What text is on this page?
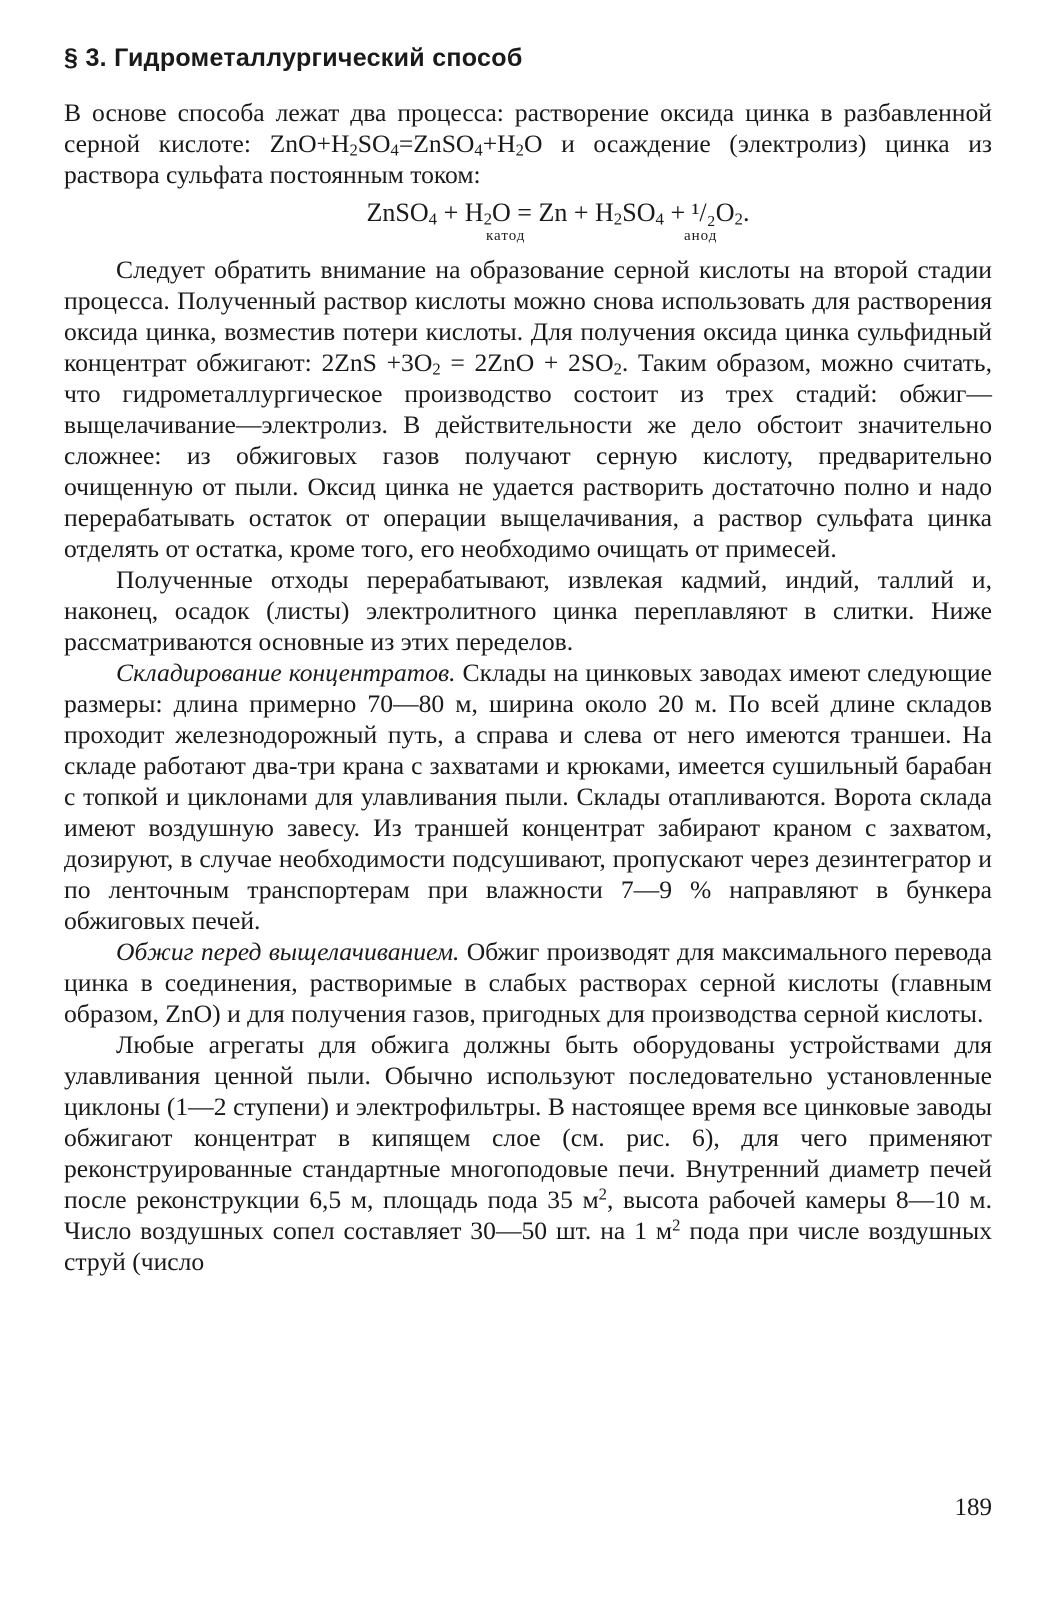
§ 3. Гидрометаллургический способ

В основе способа лежат два процесса: растворение оксида цинка в разбавленной серной кислоте: $ZnO+H_2SO_4=ZnSO_4+H_2O$ и осаждение (электролиз) цинка из раствора сульфата постоянным током:

ZnSO$_4$ + $H_2O = Zn + H_2SO_4 + ^1/_2O_2$.
катод	анод

Следует обратить внимание на образование серной кислоты на второй стадии процесса. Полученный раствор кислоты можно снова использовать для растворения оксида цинка, возместив потери кислоты. Для получения оксида цинка сульфидный концентрат обжигают: $2ZnS +3O_2 = 2ZnO + 2SO_2$. Таким образом, можно считать, что гидрометаллургическое производство состоит из трех стадий: обжиг—выщелачивание—электролиз. В действительности же дело обстоит значительно сложнее: из обжиговых газов получают серную кислоту, предварительно очищенную от пыли. Оксид цинка не удается растворить достаточно полно и надо перерабатывать остаток от операции выщелачивания, а раствор сульфата цинка отделять от остатка, кроме того, его необходимо очищать от примесей.

Полученные отходы перерабатывают, извлекая кадмий, индий, таллий и, наконец, осадок (листы) электролитного цинка переплавляют в слитки. Ниже рассматриваются основные из этих переделов.

Складирование концентратов. Склады на цинковых заводах имеют следующие размеры: длина примерно 70—80 м, ширина около 20 м. По всей длине складов проходит железнодорожный путь, а справа и слева от него имеются траншеи. На складе работают два-три крана с захватами и крюками, имеется сушильный барабан с топкой и циклонами для улавливания пыли. Склады отапливаются. Ворота склада имеют воздушную завесу. Из траншей концентрат забирают краном с захватом, дозируют, в случае необходимости подсушивают, пропускают через дезинтегратор и по ленточным транспортерам при влажности 7—9 % направляют в бункера обжиговых печей.

Обжиг перед выщелачиванием. Обжиг производят для максимального перевода цинка в соединения, растворимые в слабых растворах серной кислоты (главным образом, ZnO) и для получения газов, пригодных для производства серной кислоты.

Любые агрегаты для обжига должны быть оборудованы устройствами для улавливания ценной пыли. Обычно используют последовательно установленные циклоны (1—2 ступени) и электрофильтры. В настоящее время все цинковые заводы обжигают концентрат в кипящем слое (см. рис. 6), для чего применяют реконструированные стандартные многоподовые печи. Внутренний диаметр печей после реконструкции 6,5 м, площадь пода 35 $м^2$, высота рабочей камеры 8—10 м. Число воздушных сопел составляет 30—50 шт. на 1 $м^2$ пода при числе воздушных струй (число

189
